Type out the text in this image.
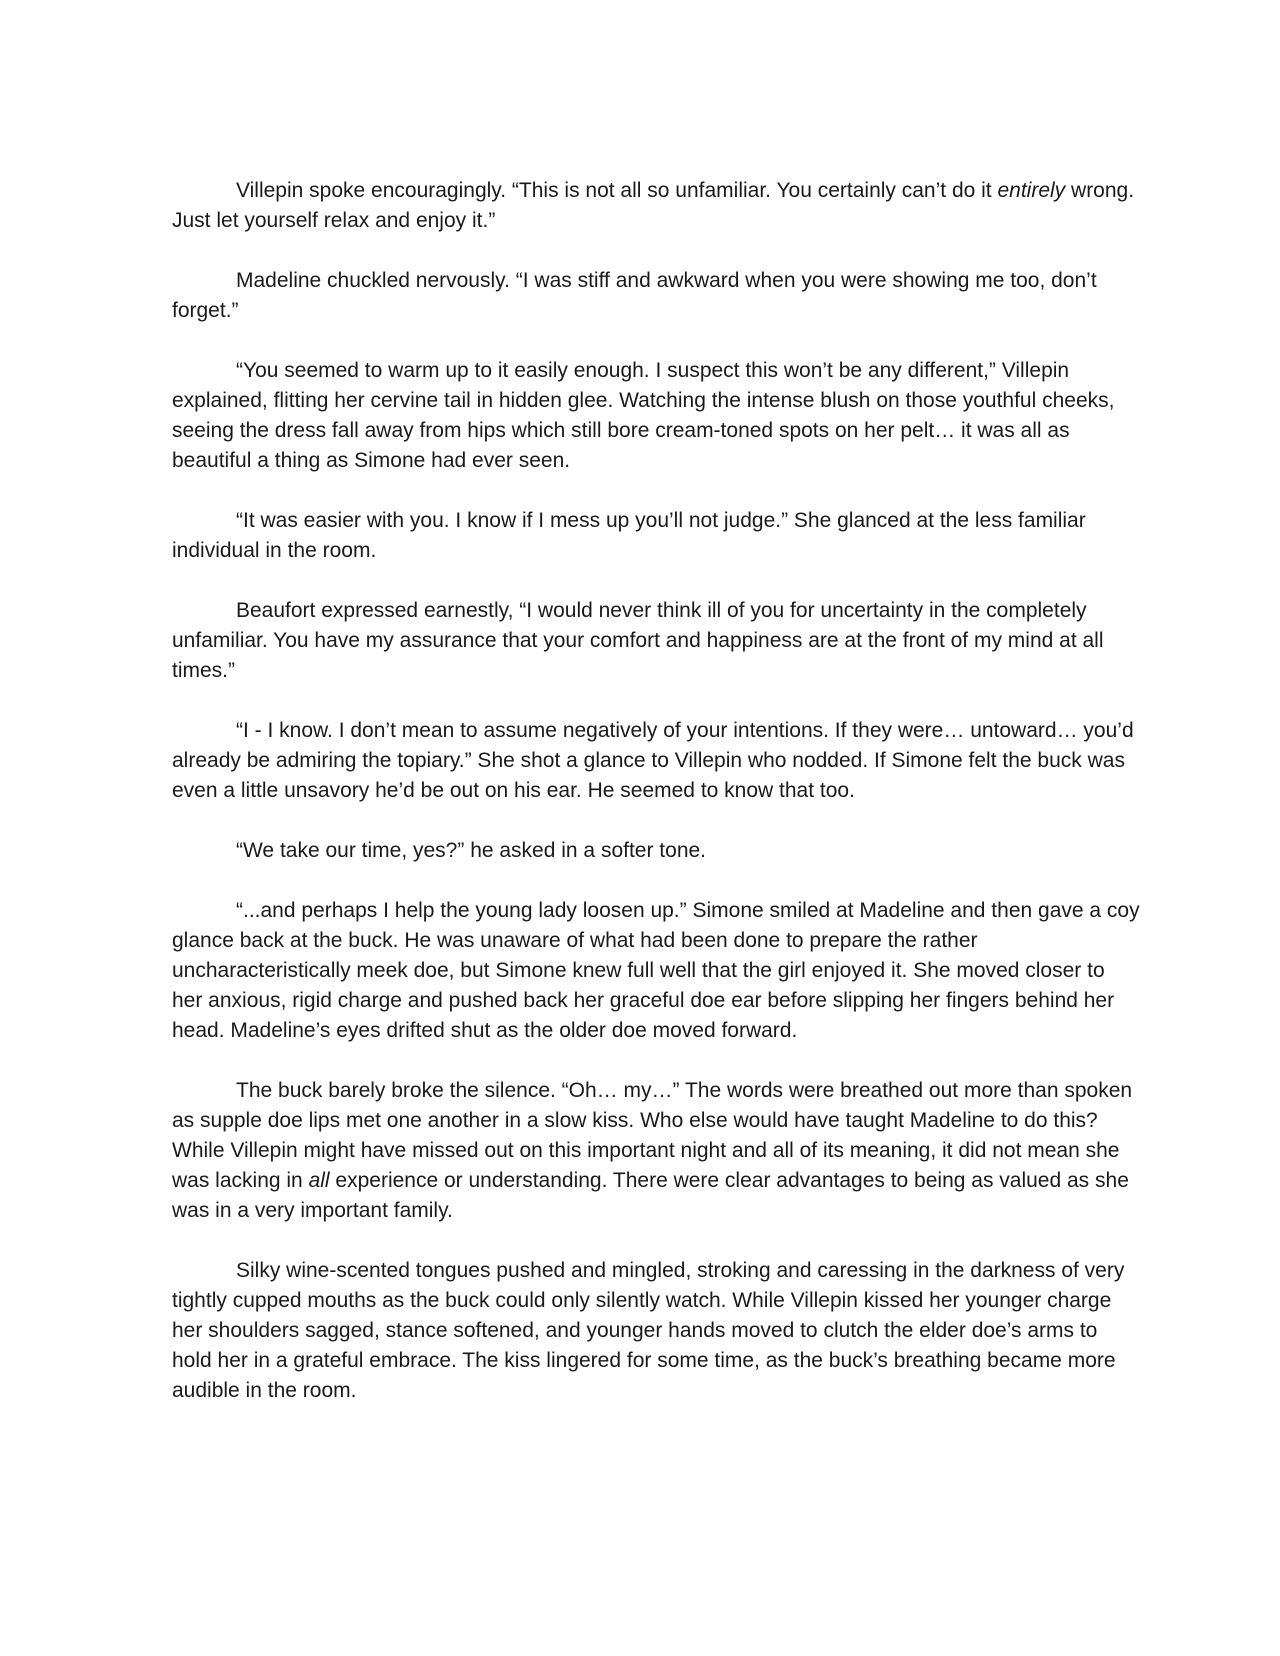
Villepin spoke encouragingly. “This is not all so unfamiliar. You certainly can’t do it entirely wrong. Just let yourself relax and enjoy it.”

Madeline chuckled nervously. “I was stiff and awkward when you were showing me too, don’t forget.”

“You seemed to warm up to it easily enough. I suspect this won’t be any different,” Villepin explained, flitting her cervine tail in hidden glee. Watching the intense blush on those youthful cheeks, seeing the dress fall away from hips which still bore cream-toned spots on her pelt… it was all as beautiful a thing as Simone had ever seen.

“It was easier with you. I know if I mess up you’ll not judge.” She glanced at the less familiar individual in the room.

Beaufort expressed earnestly, “I would never think ill of you for uncertainty in the completely unfamiliar. You have my assurance that your comfort and happiness are at the front of my mind at all times.”

“I - I know. I don’t mean to assume negatively of your intentions. If they were… untoward… you’d already be admiring the topiary.” She shot a glance to Villepin who nodded. If Simone felt the buck was even a little unsavory he’d be out on his ear. He seemed to know that too.

“We take our time, yes?” he asked in a softer tone.

“...and perhaps I help the young lady loosen up.” Simone smiled at Madeline and then gave a coy glance back at the buck. He was unaware of what had been done to prepare the rather uncharacteristically meek doe, but Simone knew full well that the girl enjoyed it. She moved closer to her anxious, rigid charge and pushed back her graceful doe ear before slipping her fingers behind her head. Madeline’s eyes drifted shut as the older doe moved forward.

The buck barely broke the silence. “Oh… my…” The words were breathed out more than spoken as supple doe lips met one another in a slow kiss. Who else would have taught Madeline to do this? While Villepin might have missed out on this important night and all of its meaning, it did not mean she was lacking in all experience or understanding. There were clear advantages to being as valued as she was in a very important family.

Silky wine-scented tongues pushed and mingled, stroking and caressing in the darkness of very tightly cupped mouths as the buck could only silently watch. While Villepin kissed her younger charge her shoulders sagged, stance softened, and younger hands moved to clutch the elder doe’s arms to hold her in a grateful embrace. The kiss lingered for some time, as the buck’s breathing became more audible in the room.
